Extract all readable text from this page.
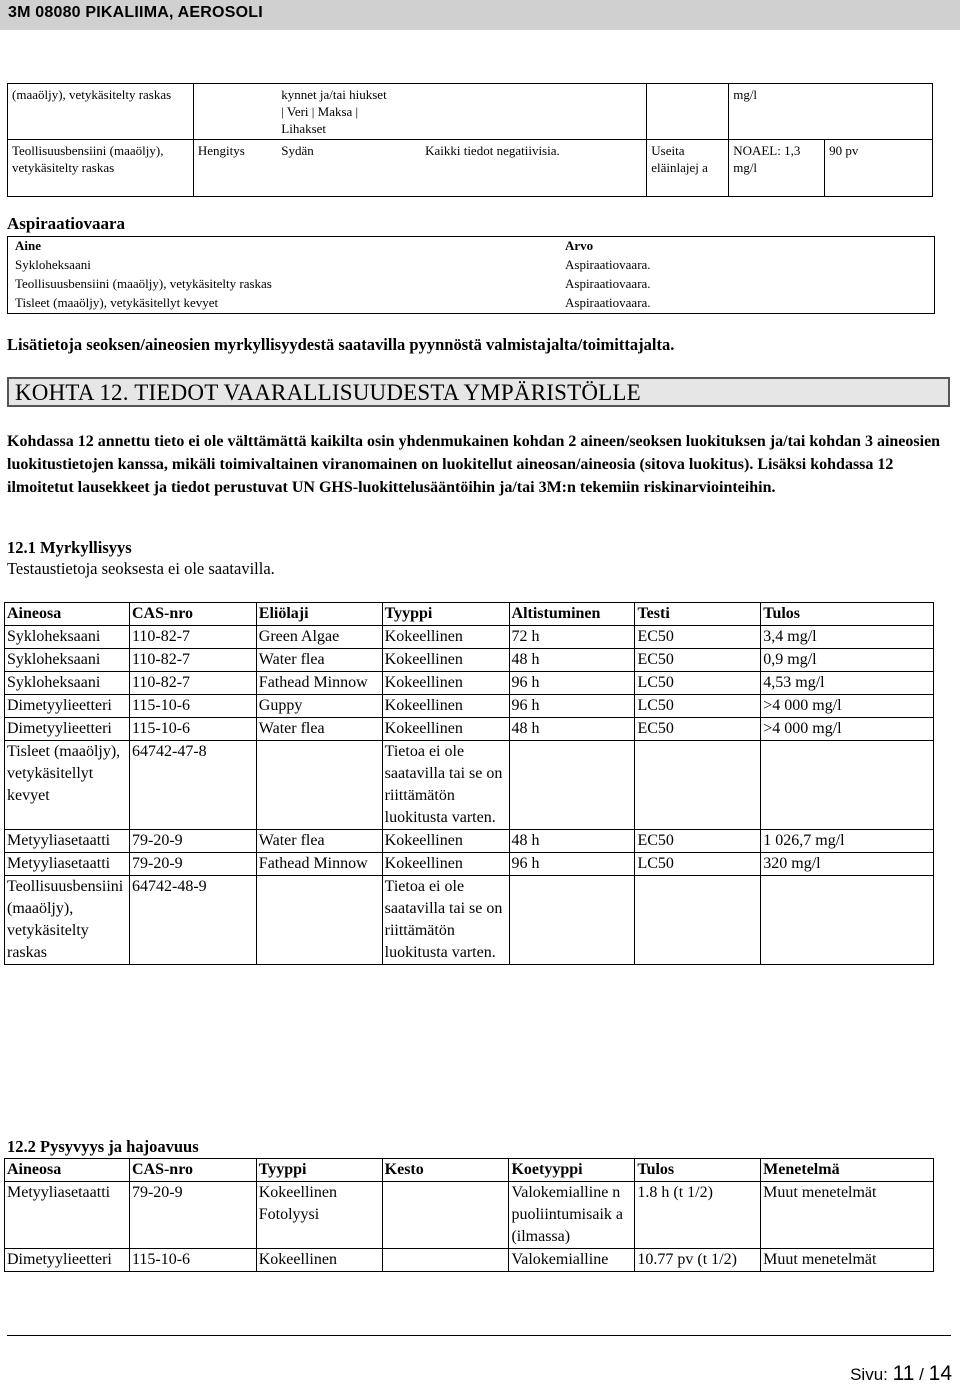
3M 08080 PIKALIIMA, AEROSOLI
(maaöljy), vetykäsitelty raskas		kynnet ja/tai hiukset
| Veri | Maksa |
Lihakset			mg/l	
Teollisuusbensiini (maaöljy), vetykäsitelty raskas	Hengitys	Sydän	Kaikki tiedot negatiivisia.	Useita eläinlajej a	NOAEL: 1,3 mg/l	90 pv
Aspiraatiovaara
Aine	Arvo
Sykloheksaani	Aspiraatiovaara.
Teollisuusbensiini (maaöljy), vetykäsitelty raskas	Aspiraatiovaara.
Tisleet (maaöljy), vetykäsitellyt kevyet	Aspiraatiovaara.
Lisätietoja seoksen/aineosien myrkyllisyydestä saatavilla pyynnöstä valmistajalta/toimittajalta.
KOHTA 12. TIEDOT VAARALLISUUDESTA YMPÄRISTÖLLE
Kohdassa 12 annettu tieto ei ole välttämättä kaikilta osin yhdenmukainen kohdan 2 aineen/seoksen luokituksen ja/tai kohdan 3 aineosien luokitustietojen kanssa, mikäli toimivaltainen viranomainen on luokitellut aineosan/aineosia (sitova luokitus). Lisäksi kohdassa 12 ilmoitetut lausekkeet ja tiedot perustuvat UN GHS-luokittelusääntöihin ja/tai 3M:n tekemiin riskinarviointeihin.
12.1 Myrkyllisyys
Testaustietoja seoksesta ei ole saatavilla.
Aineosa	CAS-nro	Eliölaji	Tyyppi	Altistuminen	Testi	Tulos
Sykloheksaani	110-82-7	Green Algae	Kokeellinen	72 h	EC50	3,4 mg/l
Sykloheksaani	110-82-7	Water flea	Kokeellinen	48 h	EC50	0,9 mg/l
Sykloheksaani	110-82-7	Fathead Minnow	Kokeellinen	96 h	LC50	4,53 mg/l
Dimetyylieetteri	115-10-6	Guppy	Kokeellinen	96 h	LC50	>4 000 mg/l
Dimetyylieetteri	115-10-6	Water flea	Kokeellinen	48 h	EC50	>4 000 mg/l
Tisleet (maaöljy), vetykäsitellyt kevyet	64742-47-8		Tietoa ei ole saatavilla tai se on riittämätön luokitusta varten.			
Metyyliasetaatti	79-20-9	Water flea	Kokeellinen	48 h	EC50	1 026,7 mg/l
Metyyliasetaatti	79-20-9	Fathead Minnow	Kokeellinen	96 h	LC50	320 mg/l
Teollisuusbensiini (maaöljy), vetykäsitelty raskas	64742-48-9		Tietoa ei ole saatavilla tai se on riittämätön luokitusta varten.			
12.2 Pysyvyys ja hajoavuus
Aineosa	CAS-nro	Tyyppi	Kesto	Koetyyppi	Tulos	Menetelmä
Metyyliasetaatti	79-20-9	Kokeellinen Fotolyysi		Valokemialline n puoliintumisaik a (ilmassa)	1.8 h (t 1/2)	Muut menetelmät
Dimetyylieetteri	115-10-6	Kokeellinen		Valokemialline	10.77 pv (t 1/2)	Muut menetelmät
Sivu: 11 / 14
